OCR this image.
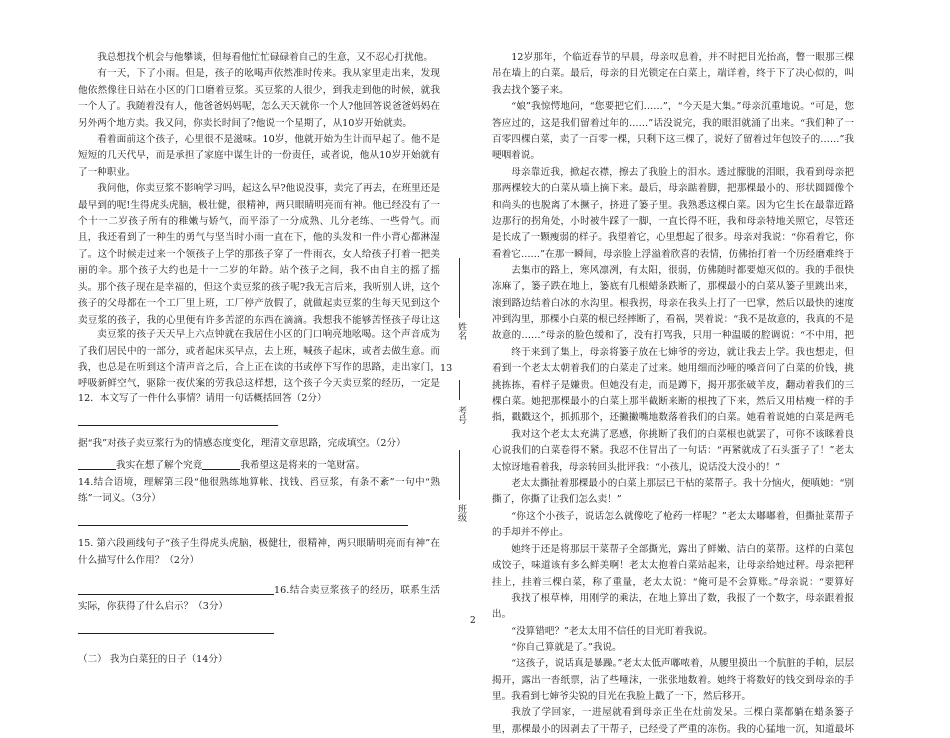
我总想找个机会与他攀谈，但每看他忙忙碌碌着自己的生意，又不忍心打扰他。

有一天，下了小雨。但是，孩子的吆喝声依然准时传来。我从家里走出来，发现他依然像往日站在小区的门口磨着豆浆。买豆浆的人很少，到我走到他的时候，就我一个人了。我随着没有人，他爸爸妈妈呢，怎么天天就你一个人?他回答说爸爸妈妈在另外两个地方卖。我又问，你卖长时间了?他说一个星期了，从10岁开始就卖。

看着面前这个孩子，心里很不是滋味。10岁，他就开始为生计而早起了。他不是短短的几天代早，而是承担了家庭中谋生计的一份责任，或者说，他从10岁开始就有了一种职业。

我问他，你卖豆浆不影响学习吗，起这么早?他说没事，卖完了再去，在班里还是最早到的呢!生得虎头虎脑，极壮健，很精神，两只眼睛明亮而有神。他已经没有了一个十一二岁孩子所有的稚嫩与娇气，而平添了一分成熟、儿分老练、一些骨气。而且，我还看到了一种生的勇气与坚当时小雨一直在下，他的头发和一件小背心都淋湿了。这个时候走过来一个领孩子上学的那孩子穿了一件雨衣，女人给孩子打着一把美丽的伞。那个孩子大约也是十一二岁的年龄。站个孩子之间，我不由自主的摇了摇头。那个孩子现在是幸福的，但这个卖豆浆的孩子呢?我无言后来，我听别人讲，这个孩子的父母都在一个工厂里上班，工厂停产放假了，就做起卖豆浆的生每天见到这个卖豆浆的孩子，我的心里便有许多苦涩的东西在滴滴。我想我不能够苦怪孩子母让这

卖豆浆的孩子天天早上六点钟就在我居住小区的门口响亮地吆喝。这个声音成为了我们居民中的一部分，或者起床买早点，去上班，喊孩子起床，或者去做生意。而我，也总是在听到这个清声音之后，合上正在读的书或停下写作的思路，走出家门，呼吸新鲜空气，驱除一夜伏案的劳我总这样想，这个孩子今天卖豆浆的经历，一定是

12．本文写了一件什么事情？请用一句话概括回答（2分）

据“我”对孩子卖豆浆行为的情感态度变化，理清文章思路，完成填空。（2分）

我实在想了解个究竟	我希望这是将来的一笔财富。

14.结合语境，理解第三段“他很熟练地算帐、找钱、舀豆浆，有条不紊”一句中“熟练”一词义。（3分）

15. 第六段画线句子“孩子生得虎头虎脑，极健壮，很精神，两只眼睛明亮而有神”在什么描写什么作用？（2分）

16.结合卖豆浆孩子的经历，联系生活实际，你获得了什么启示？（3分）

（二） 我为白菜狂的日子（14分）

姓名
13
考号
班级

12岁那年，个临近春节的早晨，母亲叹息着，并不时把目光抬高，瞥一眼那三棵吊在墙上的白菜。最后，母亲的目光锁定在白菜上，端详着，终于下了决心似的，叫我去找个篓子来。

“娘”我惊愕地问，“您要把它们……”，“今天是大集。”母亲沉重地说。“可是，您答应过的，这是我们留着过年的……”话没说完，我的眼泪就涌了出来。“我们种了一百零四棵白菜，卖了一百零一棵，只剩下这三棵了，说好了留着过年包饺子的……”我哽咽着说。

母亲靠近我，掀起衣襟，擦去了我脸上的泪水。透过朦胧的泪眼，我看到母亲把那两棵较大的白菜从墙上摘下来。最后，母亲踮着脚，把那棵最小的、形状圆圆像个和尚头的也脱离了木撅子，挤进了篓子里。我熟悉这棵白菜。因为它生长在最靠近路边那行的拐角处，小时被牛踩了一脚，一直长得不旺，我和母亲特地关照它，尽管还是长成了一颗瘦弱的样子。我望着它，心里想起了很多。母亲对我说：“你看着它，你看着它……”在那一瞬间，母亲脸上浮溢着欣喜的表情，仿佛抬打着一个历经磨难终于

去集市的路上，寒风凛冽，有太阳，很弱，仿佛随时都要熄灭似的。我的手很快冻麻了，篓子跌在地上，篓底有几根蜡条跌断了，那棵最小的白菜从篓子里跳出来，滚到路边结着白冰的水沟里。根我拐，母亲在我头上打了一巴掌，然后以最快的速度冲到沟里，那棵小白菜的根已经摔断了，看祸，哭着说：“我不是故意的，我真的不是故意的……”母亲的脸色缓和了，没有打骂我，只用一种温暖的腔调说：“不中用，把

终于来到了集上，母亲将篓子放在七婶爷的旁边，就让我去上学。我也想走，但看到一个老太太朝着我们的白菜走了过来。她用细而沙哑的嗓音问了白菜的价钱，挑挑拣拣，看样子是嫌贵。但她没有走，而是蹲下，揭开那张破羊皮，翻动着我们的三棵白菜。她把那棵最小的白菜上那半截断来断的根拽了下来，然后又用枯瘦一样的手指，戳戳这个，抓抓那个，还撇撇嘴地数落着我们的白菜。她看着说她的白菜是两毛

我对这个老太太充满了恶感，你挑断了我们的白菜根也就罢了，可你不该眯着良心说我们的白菜卷得不紧。我忍不住冒出了一句话：“再紧就成了石头蛋子了！”老太太惊讶地看着我，母亲转回头批评我：“小孩儿，说话没大没小的！”

老太太撕扯着那棵最小的白菜上那层已干枯的菜帮子。我十分恼火，便嗔她：“别撕了，你撕了让我们怎么卖！”

“你这个小孩子，说话怎么就像吃了枪药一样呢？”老太太嘟嘟着，但撕扯菜帮子的手却并不停止。

她终于还是将那层干菜帮子全部撕光，露出了鲜嫩、洁白的菜帮。这样的白菜包成饺子，味道该有多么鲜美啊！老太太抱着白菜站起来，让母亲给她过秤。母亲把秤挂上，挂着三棵白菜，称了重量，老太太说：“俺可是不会算账。”母亲说：“要算好

我找了根草棒，用刚学的乘法，在地上算出了数，我报了一个数字，母亲跟着报出。

“没算错吧？”老太太用不信任的目光盯着我说。

“你自己算就是了。”我说。

“这孩子，说话真是暴躁。”老太太低声嘟哝着，从腰里摸出一个肮脏的手帕，层层揭开，露出一沓纸票，沾了些唾沫，一张张地数着。她终于将数好的钱交到母亲的手里。我看到七婶爷尖锐的目光在我脸上戳了一下，然后移开。

我放了学回家，一进屋就看到母亲正坐在灶前发呆。三棵白菜都躺在蜡条篓子里，那棵最小的因剥去了干帮子，已经受了严重的冻伤。我的心猛地一沉，知道最坏

2
